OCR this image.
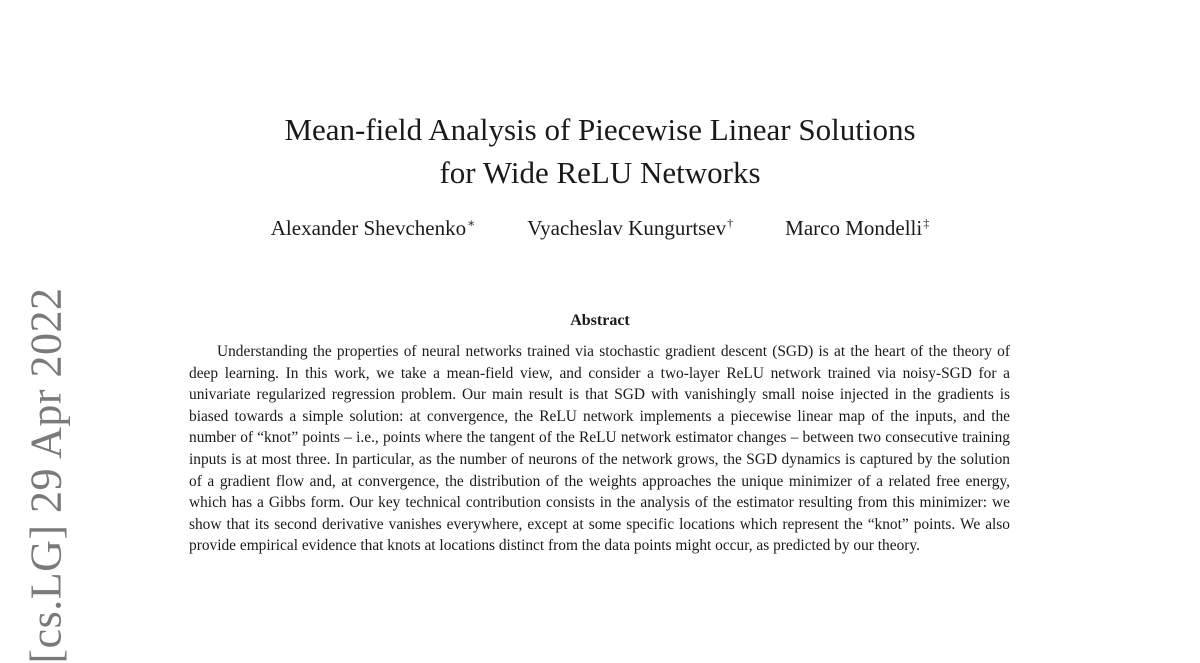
[cs.LG] 29 Apr 2022
Mean-field Analysis of Piecewise Linear Solutions
for Wide ReLU Networks
Alexander Shevchenko∗ Vyacheslav Kungurtsev† Marco Mondelli‡
Abstract

Understanding the properties of neural networks trained via stochastic gradient descent (SGD) is at the heart of the theory of deep learning. In this work, we take a mean-field view, and consider a two-layer ReLU network trained via noisy-SGD for a univariate regularized regression problem. Our main result is that SGD with vanishingly small noise injected in the gradients is biased towards a simple solution: at convergence, the ReLU network implements a piecewise linear map of the inputs, and the number of “knot” points – i.e., points where the tangent of the ReLU network estimator changes – between two consecutive training inputs is at most three. In particular, as the number of neurons of the network grows, the SGD dynamics is captured by the solution of a gradient flow and, at convergence, the distribution of the weights approaches the unique minimizer of a related free energy, which has a Gibbs form. Our key technical contribution consists in the analysis of the estimator resulting from this minimizer: we show that its second derivative vanishes everywhere, except at some specific locations which represent the “knot” points. We also provide empirical evidence that knots at locations distinct from the data points might occur, as predicted by our theory.
